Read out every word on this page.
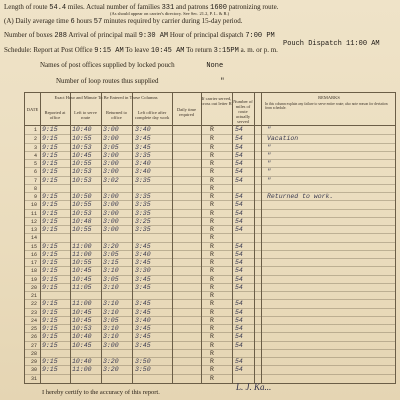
Length of route 54.4 miles. Actual number of families 331 and patrons 1600 patronizing route.
(As should appear on carrier's directory. See Sec. 21.2, P. L. & R.)
(A) Daily average time 6 hours 57 minutes required by carrier during 15-day period.
Number of boxes 288 Arrival of principal mail 9:30 AM Hour of principal dispatch 7:00 PM
Pouch Dispatch 11:00 AM
Schedule: Report at Post Office 9:15 AM To leave 10:45 AM To return 3:15PM a. m. or p. m.
Names of post offices supplied by locked pouch	None
Number of loop routes thus supplied	"
DATE
Exact Hour and Minute To Be Entered in These Columns
Reported at office
Left to serve route
Returned to office
Left office after complete day work
Daily time required
If carrier served, cross out letter R Number of miles of route actually served
REMARKS
In this column explain any failure to serve entire route; also note reason for deviation from schedule.
1 9:15	10:40	3:00	3:40	R	54	"
2 9:15	10:55	3:00	3:45	R	54	Vacation
3 9:15	10:53	3:05	3:45	R	54	"
4 9:15	10:45	3:00	3:35	R	54	"
5 9:15	10:55	3:00	3:40	R	54	"
6 9:15	10:53	3:00	3:40	R	54	"
7 9:15	10:53	3:02	3:35	R	54	"
8	R
9 9:15	10:50	3:00	3:35	R	54	Returned to work.
10 9:15	10:55	3:00	3:35	R	54
11 9:15	10:53	3:00	3:35	R	54
12 9:15	10:48	3:00	3:25	R	54
13 9:15	10:55	3:00	3:35	R	54
14	R
15 9:15	11:00	3:20	3:45	R	54
16 9:15	11:00	3:05	3:40	R	54
17 9:15	10:55	3:15	3:45	R	54
18 9:15	10:45	3:10	3:30	R	54
19 9:15	10:45	3:05	3:45	R	54
20 9:15	11:05	3:10	3:45	R	54
21	R
22 9:15	11:00	3:10	3:45	R	54
23 9:15	10:45	3:10	3:45	R	54
24 9:15	10:45	3:05	3:40	R	54
25 9:15	10:53	3:10	3:45	R	54
26 9:15	10:40	3:10	3:45	R	54
27 9:15	10:45	3:00	3:45	R	54
28	R
29 9:15	10:40	3:20	3:50	R	54
30 9:15	11:00	3:20	3:50	R	54
31	R
I hereby certify to the accuracy of this report.
L. J. Ka...
